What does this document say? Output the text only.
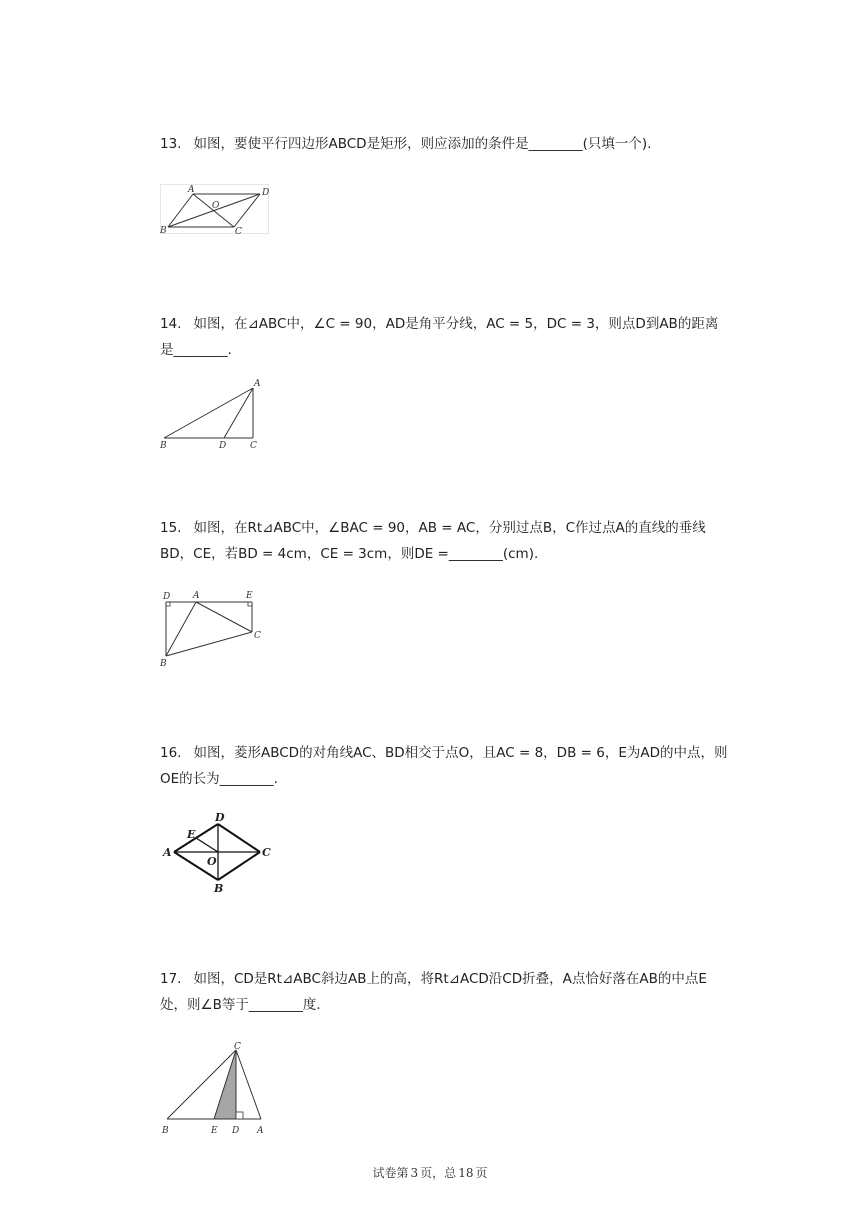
13. 如图，要使平行四边形ABCD是矩形，则应添加的条件是________(只填一个).
A	D
O
B	C
14. 如图，在⊿ABC中，∠C = 90，AD是角平分线，AC = 5，DC = 3，则点D到AB的距离是________.
A
B	D	C
15. 如图，在Rt⊿ABC中，∠BAC = 90，AB = AC，分别过点B，C作过点A的直线的垂线BD，CE，若BD = 4cm，CE = 3cm，则DE =________(cm).
D	A	E
C
B
16. 如图，菱形ABCD的对角线AC、BD相交于点O，且AC = 8，DB = 6，E为AD的中点，则OE的长为________.
D
E
A
O
C
B
17. 如图，CD是Rt⊿ABC斜边AB上的高，将Rt⊿ACD沿CD折叠，A点恰好落在AB的中点E处，则∠B等于________度.
C
B	E D A
试卷第 3 页，总 18 页
